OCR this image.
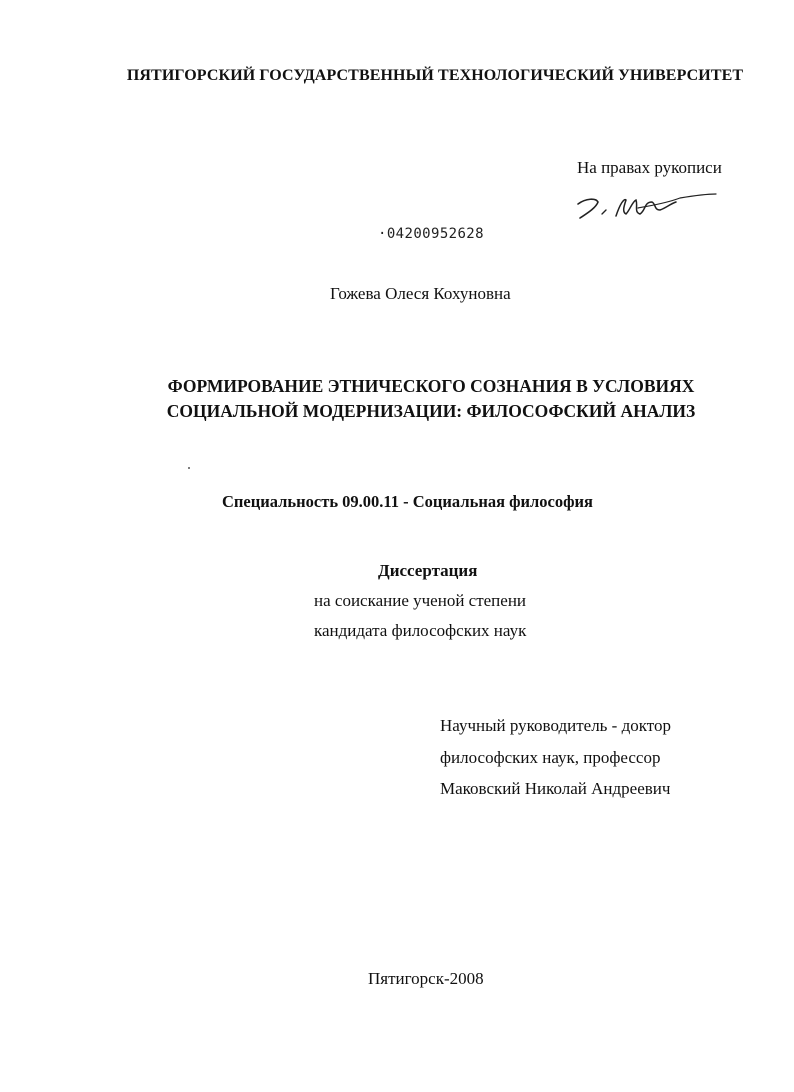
ПЯТИГОРСКИЙ ГОСУДАРСТВЕННЫЙ ТЕХНОЛОГИЧЕСКИЙ УНИВЕРСИТЕТ
На правах рукописи
·04200952628
Гожева Олеся Кохуновна
ФОРМИРОВАНИЕ ЭТНИЧЕСКОГО СОЗНАНИЯ В УСЛОВИЯХ
СОЦИАЛЬНОЙ МОДЕРНИЗАЦИИ: ФИЛОСОФСКИЙ АНАЛИЗ
Специальность 09.00.11 - Социальная философия
Диссертация
на соискание ученой степени
кандидата философских наук
Научный руководитель - доктор
философских наук, профессор
Маковский Николай Андреевич
Пятигорск-2008
